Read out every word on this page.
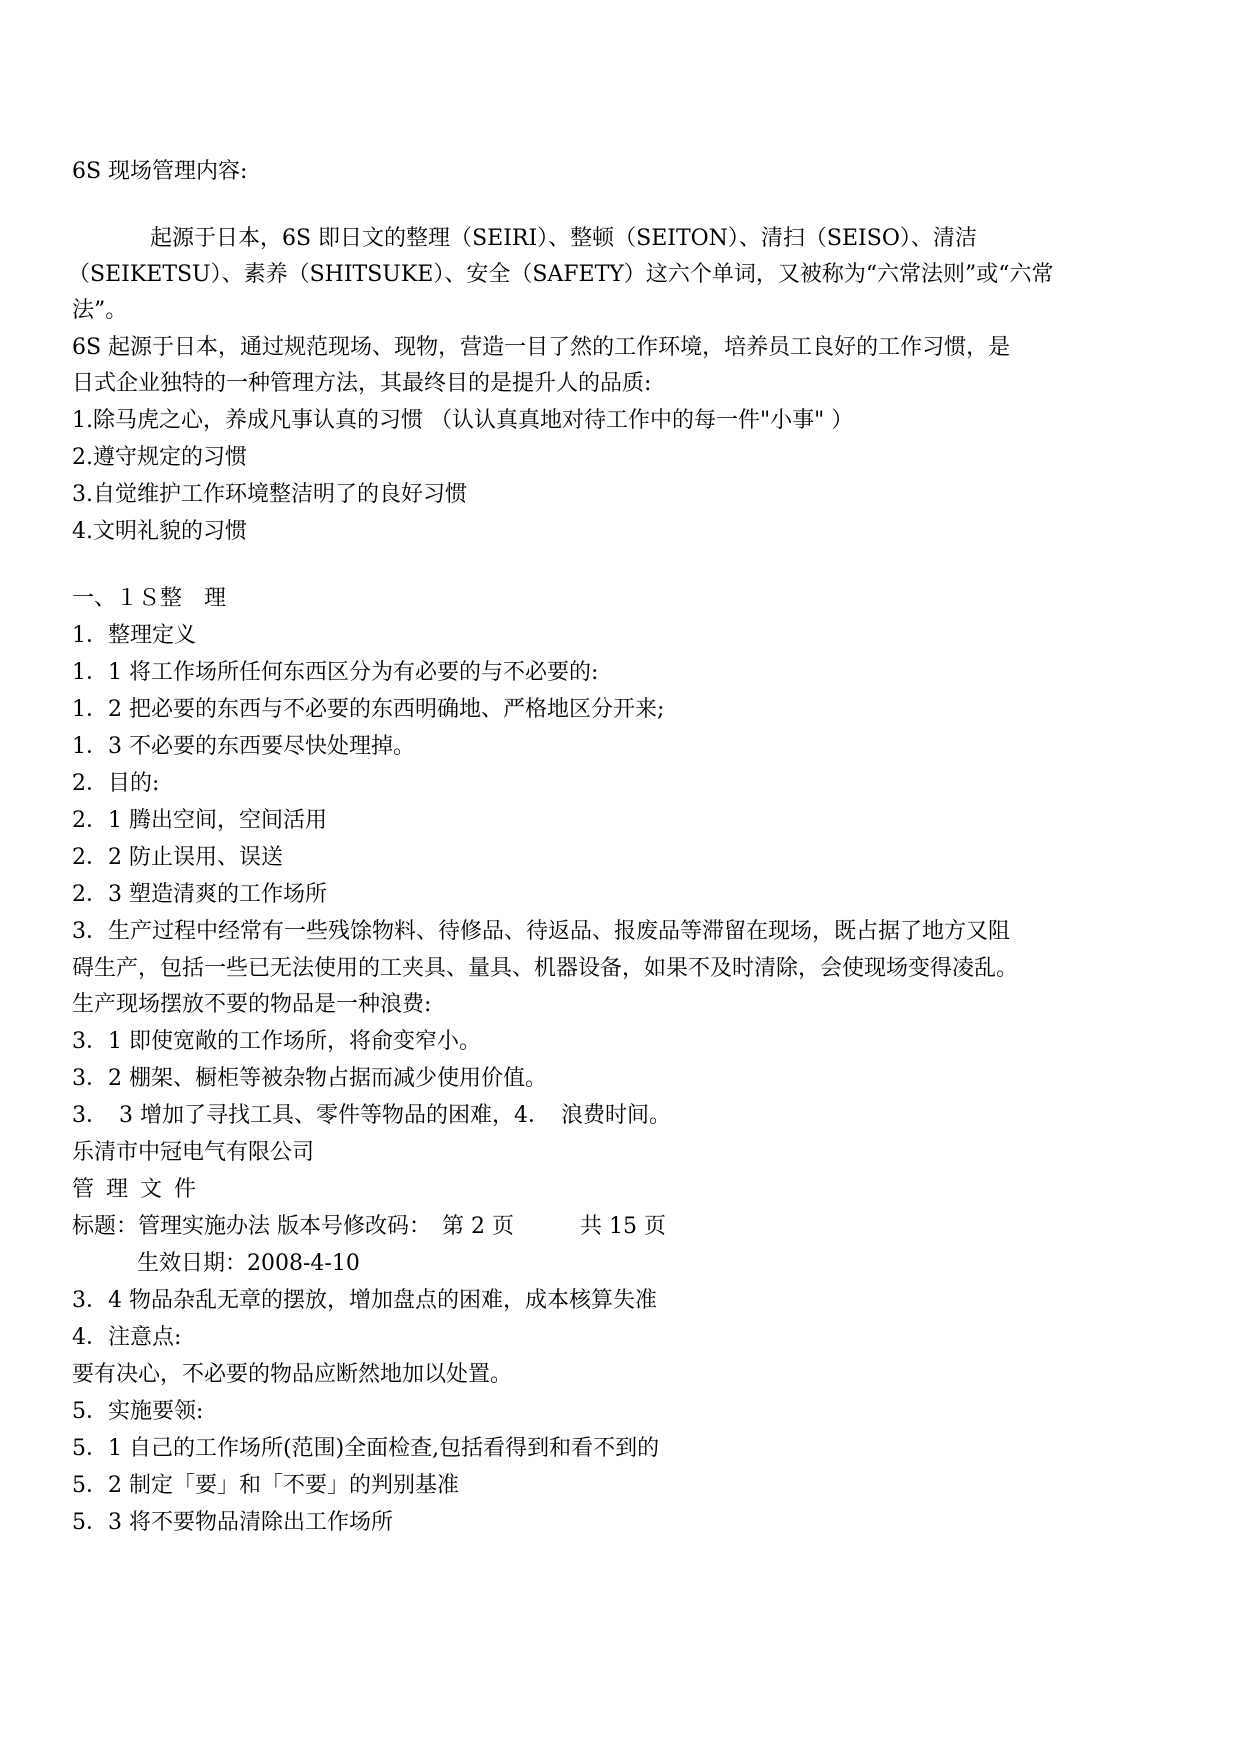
6S 现场管理内容:
起源于日本，6S 即日文的整理（SEIRI）、整顿（SEITON）、清扫（SEISO）、清洁
（SEIKETSU）、素养（SHITSUKE）、安全（SAFETY）这六个单词，又被称为“六常法则”或“六常
法”。
6S 起源于日本，通过规范现场、现物，营造一目了然的工作环境，培养员工良好的工作习惯，是
日式企业独特的一种管理方法，其最终目的是提升人的品质:
1.除马虎之心，养成凡事认真的习惯 （认认真真地对待工作中的每一件"小事" ）
2.遵守规定的习惯
3.自觉维护工作环境整洁明了的良好习惯
4.文明礼貌的习惯
一、１Ｓ整　理
1．整理定义
1．1 将工作场所任何东西区分为有必要的与不必要的:
1．2 把必要的东西与不必要的东西明确地、严格地区分开来;
1．3 不必要的东西要尽快处理掉。
2．目的:
2．1 腾出空间，空间活用
2．2 防止误用、误送
2．3 塑造清爽的工作场所
3．生产过程中经常有一些残馀物料、待修品、待返品、报废品等滞留在现场，既占据了地方又阻
碍生产，包括一些已无法使用的工夹具、量具、机器设备，如果不及时清除，会使现场变得凌乱。
生产现场摆放不要的物品是一种浪费:
3．1 即使宽敞的工作场所，将俞变窄小。
3．2 棚架、橱柜等被杂物占据而减少使用价值。
3．　3 增加了寻找工具、零件等物品的困难，4．　浪费时间。
乐清市中冠电气有限公司
管理文件
标题：管理实施办法 版本号修改码：　第 2 页　　　共 15 页
生效日期：2008-4-10
3．4 物品杂乱无章的摆放，增加盘点的困难，成本核算失准
4．注意点:
要有决心，不必要的物品应断然地加以处置。
5．实施要领:
5．1 自己的工作场所(范围)全面检查,包括看得到和看不到的
5．2 制定「要」和「不要」的判别基准
5．3 将不要物品清除出工作场所
